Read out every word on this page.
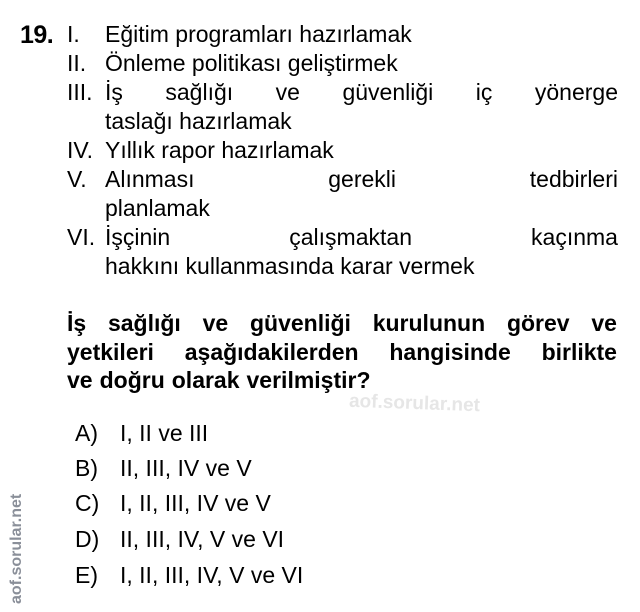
19. I. Eğitim programları hazırlamak
II. Önleme politikası geliştirmek
III. İş sağlığı ve güvenliği iç yönerge
taslağı hazırlamak
IV. Yıllık rapor hazırlamak
V. Alınması	gerekli	tedbirleri
planlamak
VI. İşçinin	çalışmaktan	kaçınma
hakkını kullanmasında karar vermek
İş sağlığı ve güvenliği kurulunun görev ve
yetkileri aşağıdakilerden hangisinde birlikte
ve doğru olarak verilmiştir?
A) I, II ve III
B) II, III, IV ve V
C) I, II, III, IV ve V
D) II, III, IV, V ve VI
E) I, II, III, IV, V ve VI
aof.sorular.net
aof.sorular.net
